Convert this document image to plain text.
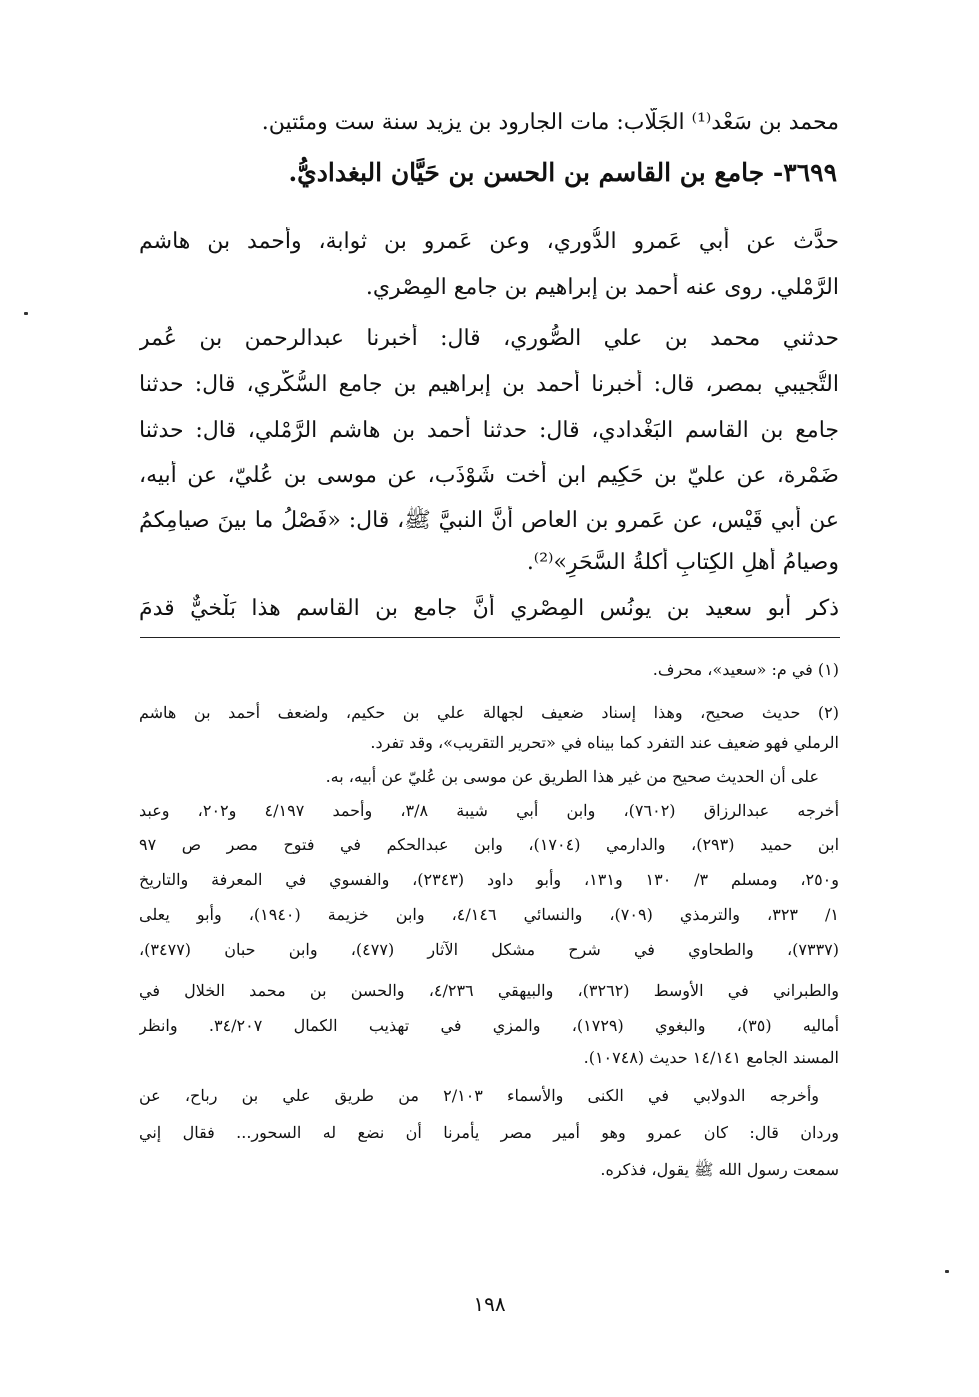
محمد بن سَعْد⁽¹⁾ الجَلّاب: مات الجارود بن يزيد سنة ست ومئتين.
٣٦٩٩- جامع بن القاسم بن الحسن بن حَيَّان البغداديُّ.
حدَّث عن أبي عَمرو الدُّوري، وعن عَمرو بن ثوابة، وأحمد بن هاشم
الرَّمْلي. روى عنه أحمد بن إبراهيم بن جامع المِصْري.
حدثني محمد بن علي الصُّوري، قال: أخبرنا عبدالرحمن بن عُمر
التُّجيبي بمصر، قال: أخبرنا أحمد بن إبراهيم بن جامع السُّكَّري، قال: حدثنا
جامع بن القاسم البَغْدادي، قال: حدثنا أحمد بن هاشم الرَّمْلي، قال: حدثنا
ضَمْرة، عن عليّ بن حَكِيم ابن أخت شَوْذَب، عن موسى بن عُليّ، عن أبيه،
عن أبي قَيْس، عن عَمرو بن العاص أنَّ النبيَّ ﷺ، قال: «فَصْلُ ما بينَ صيامِكمُ
وصيامُ أهلِ الكِتابِ أكلةُ السَّحَرِ»⁽²⁾.
ذكر أبو سعيد بن يونُس المِصْري أنَّ جامع بن القاسم هذا بَلْخيٌّ قدمَ
(١) في م: «سعيد»، محرف.
(٢) حديث صحيح، وهذا إسناد ضعيف لجهالة علي بن حكيم، ولضعف أحمد بن هاشم
الرملي فهو ضعيف عند التفرد كما بيناه في «تحرير التقريب»، وقد تفرد.
على أن الحديث صحيح من غير هذا الطريق عن موسى بن عُليّ عن أبيه، به.
أخرجه عبدالرزاق (٧٦٠٢)، وابن أبي شيبة ٣/٨، وأحمد ٤/١٩٧ و٢٠٢، وعبد
ابن حميد (٢٩٣)، والدارمي (١٧٠٤)، وابن عبدالحكم في فتوح مصر ص ٩٧
و٢٥٠، ومسلم ٣/ ١٣٠ و١٣١، وأبو داود (٢٣٤٣)، والفسوي في المعرفة والتاريخ
١/ ٣٢٣، والترمذي (٧٠٩)، والنسائي ٤/١٤٦، وابن خزيمة (١٩٤٠)، وأبو يعلى
(٧٣٣٧)، والطحاوي في شرح مشكل الآثار (٤٧٧)، وابن حبان (٣٤٧٧)،
والطبراني في الأوسط (٣٢٦٢)، والبيهقي ٤/٢٣٦، والحسن بن محمد الخلال في
أماليه (٣٥)، والبغوي (١٧٢٩)، والمزي في تهذيب الكمال ٣٤/٢٠٧. وانظر
المسند الجامع ١٤/١٤١ حديث (١٠٧٤٨).
وأخرجه الدولابي في الكنى والأسماء ٢/١٠٣ من طريق علي بن رباح، عن
وردان قال: كان عمرو وهو أمير مصر يأمرنا أن نضع له السحور... فقال إني
سمعت رسول الله ﷺ يقول، فذكره.
١٩٨
